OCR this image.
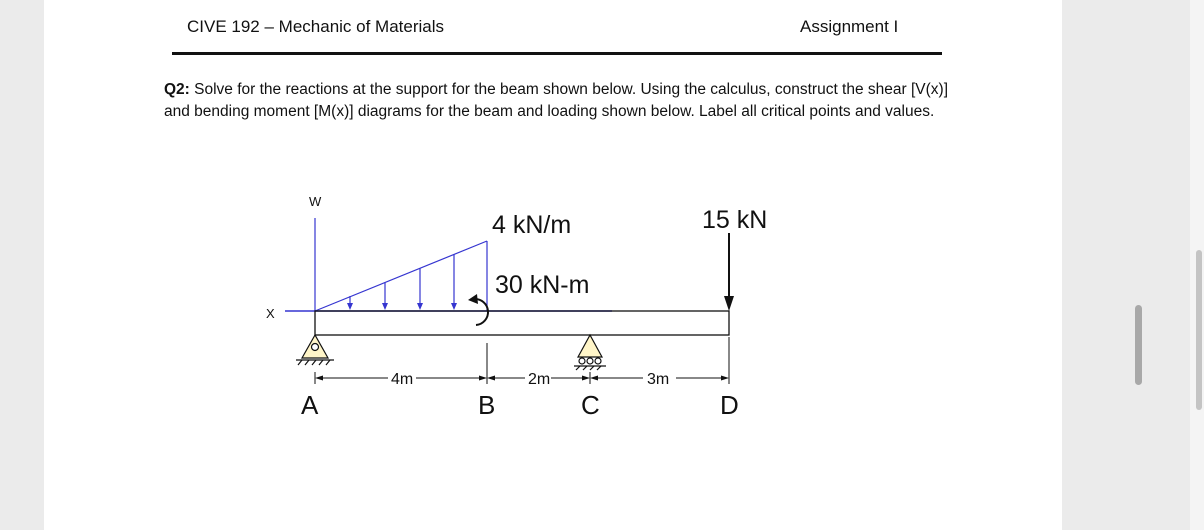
CIVE 192 – Mechanic of Materials	Assignment I
Q2: Solve for the reactions at the support for the beam shown below. Using the calculus, construct the shear [V(x)] and bending moment [M(x)] diagrams for the beam and loading shown below. Label all critical points and values.
W
X
4 kN/m
30 kN-m
15 kN
4m	2m	3m
A	B	C	D
